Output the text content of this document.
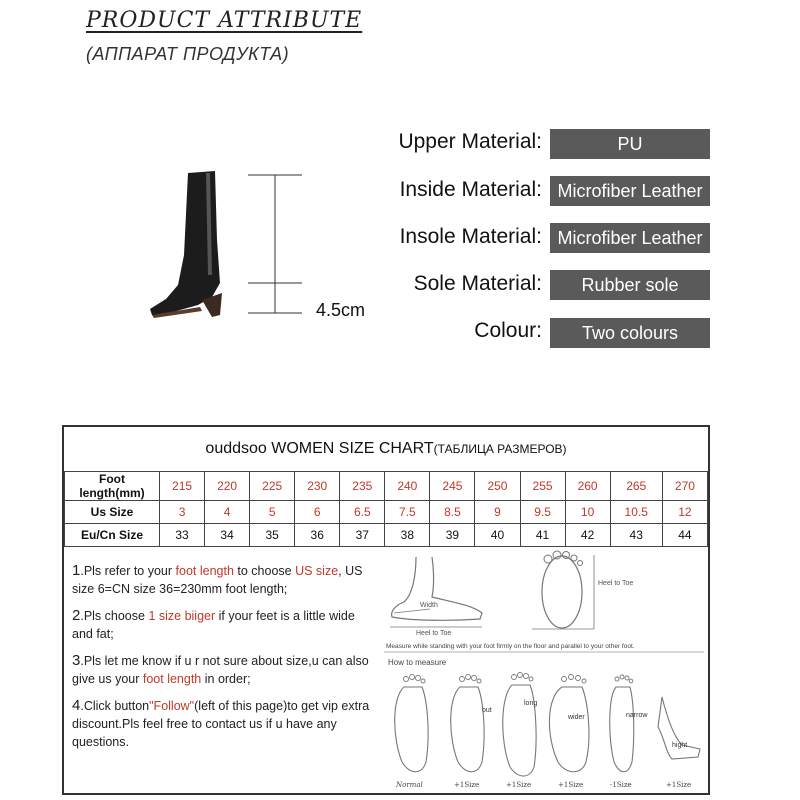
PRODUCT ATTRIBUTE
(АППАРАТ ПРОДУКТА)
4.5cm
Upper Material:	PU
Inside Material: Microfiber Leather
Insole Material: Microfiber Leather
Sole Material:	Rubber sole
Colour:	Two colours
ouddsoo WOMEN SIZE CHART (ТАБЛИЦА РАЗМЕРОВ)
Foot length(mm)	215	220	225	230	235	240	245	250	255	260	265	270
Us Size	3	4	5	6	6.5	7.5	8.5	9	9.5	10	10.5	12
Eu/Cn Size	33	34	35	36	37	38	39	40	41	42	43	44

1.Pls refer to your foot length to choose US size, US size 6=CN size 36=230mm foot length;

2.Pls choose 1 size biiger if your feet is a little wide and fat;

3.Pls let me know if u r not sure about size,u can also give us your foot length in order;

4.Click button"Follow"(left of this page)to get vip extra discount.Pls feel free to contact us if u have any questions.

Width
Heel to Toe
Heel to Toe
Measure while standing with your foot firmly on the floor and parallel to your other foot.
How to measure
out
long
wider	narrow
hight
Normal	+1Size	+1Size	+1Size	-1Size	+1Size
